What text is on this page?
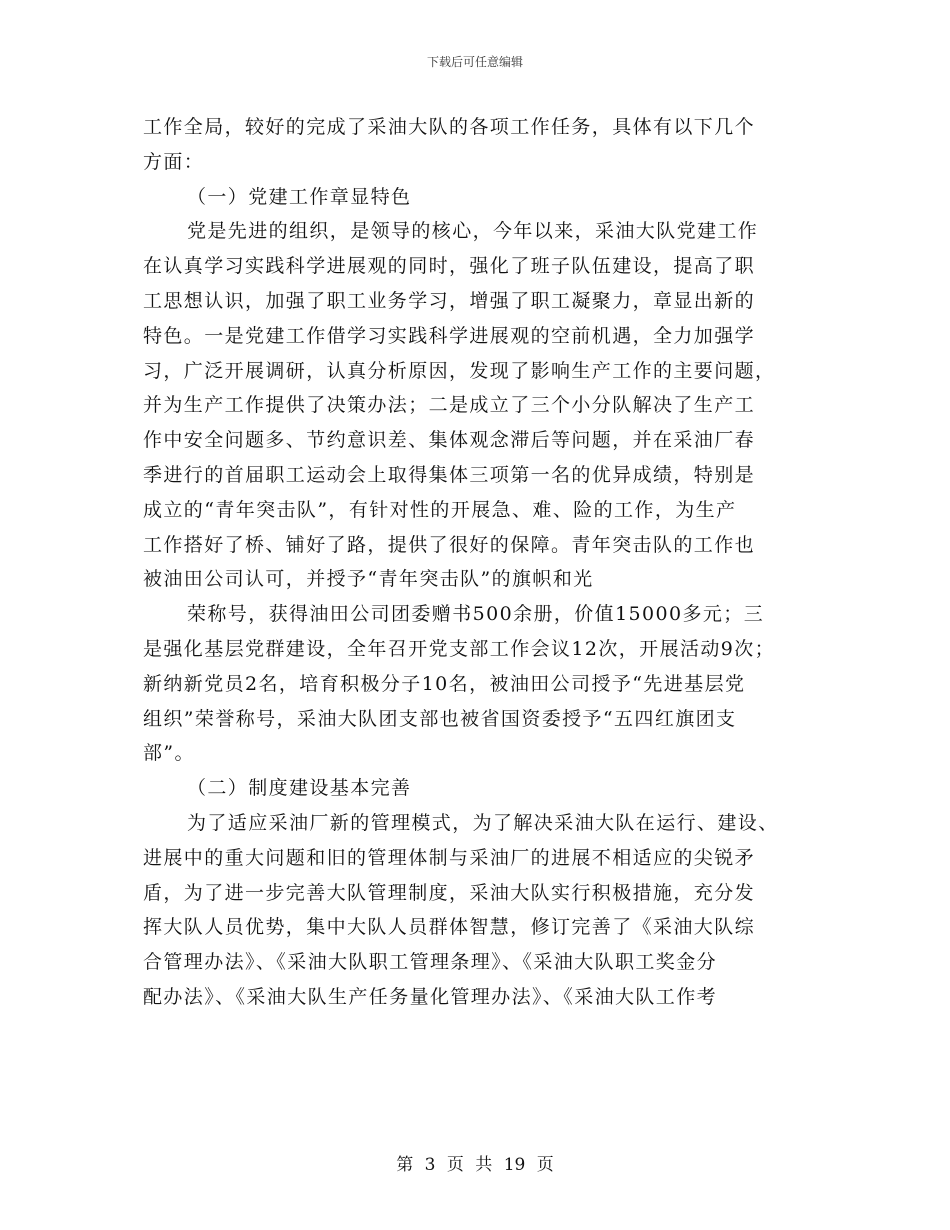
下载后可任意编辑
工作全局，较好的完成了采油大队的各项工作任务，具体有以下几个
方面：
（一）党建工作章显特色
党是先进的组织，是领导的核心，今年以来，采油大队党建工作
在认真学习实践科学进展观的同时，强化了班子队伍建设，提高了职
工思想认识，加强了职工业务学习，增强了职工凝聚力，章显出新的
特色。一是党建工作借学习实践科学进展观的空前机遇，全力加强学
习，广泛开展调研，认真分析原因，发现了影响生产工作的主要问题，
并为生产工作提供了决策办法；二是成立了三个小分队解决了生产工
作中安全问题多、节约意识差、集体观念滞后等问题，并在采油厂春
季进行的首届职工运动会上取得集体三项第一名的优异成绩，特别是
成立的“青年突击队”，有针对性的开展急、难、险的工作，为生产
工作搭好了桥、铺好了路，提供了很好的保障。青年突击队的工作也
被油田公司认可，并授予“青年突击队”的旗帜和光
荣称号，获得油田公司团委赠书500余册，价值15000多元；三
是强化基层党群建设，全年召开党支部工作会议12次，开展活动9次；
新纳新党员2名，培育积极分子10名，被油田公司授予“先进基层党
组织”荣誉称号，采油大队团支部也被省国资委授予“五四红旗团支
部”。
（二）制度建设基本完善
为了适应采油厂新的管理模式，为了解决采油大队在运行、建设、
进展中的重大问题和旧的管理体制与采油厂的进展不相适应的尖锐矛
盾，为了进一步完善大队管理制度，采油大队实行积极措施，充分发
挥大队人员优势，集中大队人员群体智慧，修订完善了《采油大队综
合管理办法》、《采油大队职工管理条理》、《采油大队职工奖金分
配办法》、《采油大队生产任务量化管理办法》、《采油大队工作考
第 3 页 共 19 页
